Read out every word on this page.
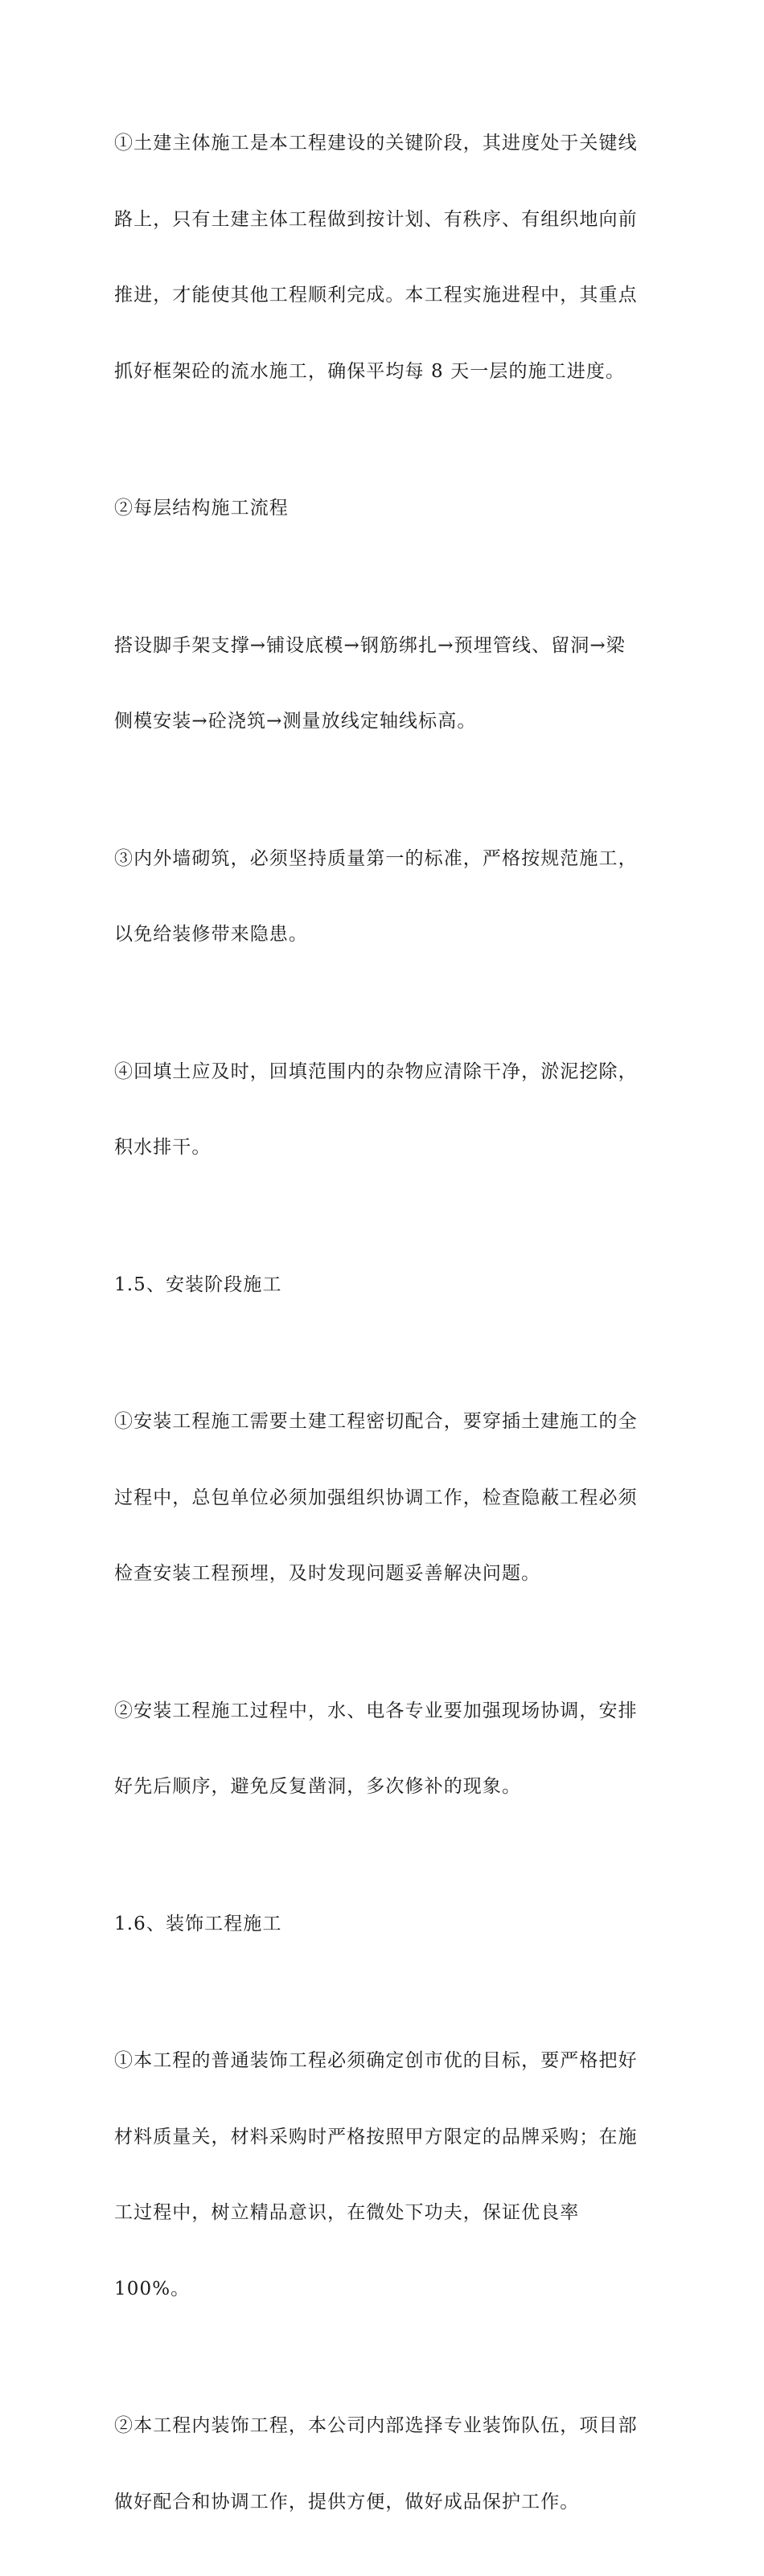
①土建主体施工是本工程建设的关键阶段，其进度处于关键线

路上，只有土建主体工程做到按计划、有秩序、有组织地向前

推进，才能使其他工程顺利完成。本工程实施进程中，其重点

抓好框架砼的流水施工，确保平均每 8 天一层的施工进度。

②每层结构施工流程

搭设脚手架支撑→铺设底模→钢筋绑扎→预埋管线、留洞→梁

侧模安装→砼浇筑→测量放线定轴线标高。

③内外墙砌筑，必须坚持质量第一的标准，严格按规范施工，

以免给装修带来隐患。

④回填土应及时，回填范围内的杂物应清除干净，淤泥挖除，

积水排干。

1.5、安装阶段施工

①安装工程施工需要土建工程密切配合，要穿插土建施工的全

过程中，总包单位必须加强组织协调工作，检查隐蔽工程必须

检查安装工程预埋，及时发现问题妥善解决问题。

②安装工程施工过程中，水、电各专业要加强现场协调，安排

好先后顺序，避免反复凿洞，多次修补的现象。

1.6、装饰工程施工

①本工程的普通装饰工程必须确定创市优的目标，要严格把好

材料质量关，材料采购时严格按照甲方限定的品牌采购；在施

工过程中，树立精品意识，在微处下功夫，保证优良率

100%。

②本工程内装饰工程，本公司内部选择专业装饰队伍，项目部

做好配合和协调工作，提供方便，做好成品保护工作。
